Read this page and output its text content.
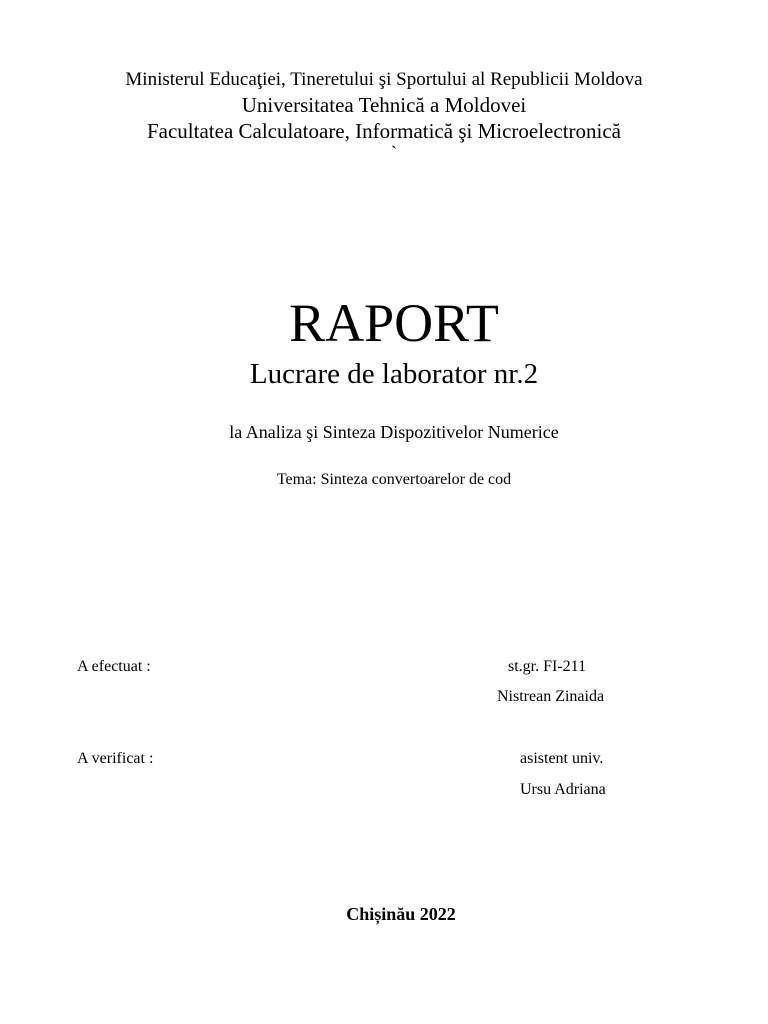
Ministerul Educaţiei, Tineretului şi Sportului al Republicii Moldova
Universitatea Tehnică a Moldovei
Facultatea Calculatoare, Informatică şi Microelectronică
`
RAPORT
Lucrare de laborator nr.2
la Analiza şi Sinteza Dispozitivelor Numerice
Tema: Sinteza convertoarelor de cod
A efectuat :	st.gr. FI-211
Nistrean Zinaida
A verificat :	asistent univ.
Ursu Adriana
Chișinău 2022
